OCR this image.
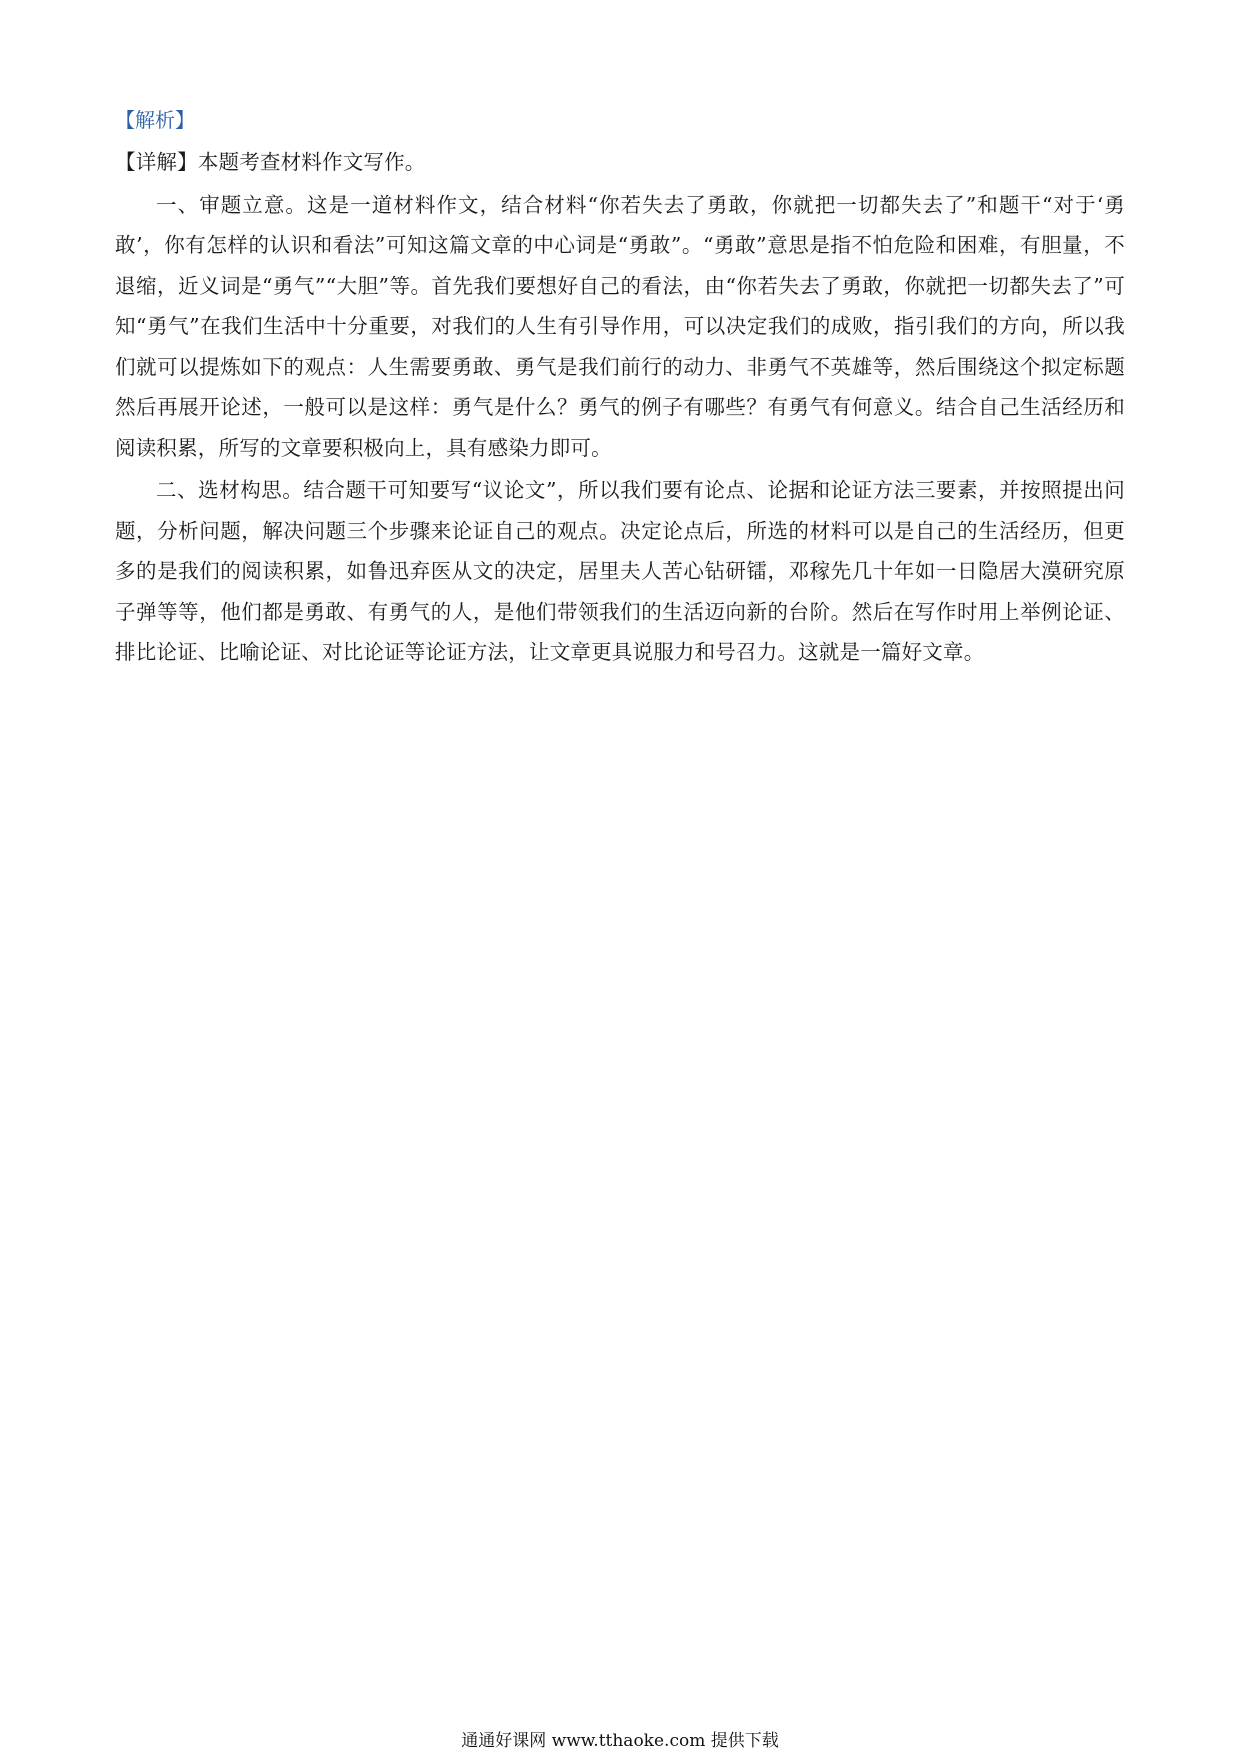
【解析】

【详解】本题考查材料作文写作。

一、审题立意。这是一道材料作文，结合材料“你若失去了勇敢，你就把一切都失去了”和题干“对于‘勇敢’，你有怎样的认识和看法”可知这篇文章的中心词是“勇敢”。“勇敢”意思是指不怕危险和困难，有胆量，不退缩，近义词是“勇气”“大胆”等。首先我们要想好自己的看法，由“你若失去了勇敢，你就把一切都失去了”可知“勇气”在我们生活中十分重要，对我们的人生有引导作用，可以决定我们的成败，指引我们的方向，所以我们就可以提炼如下的观点：人生需要勇敢、勇气是我们前行的动力、非勇气不英雄等，然后围绕这个拟定标题然后再展开论述，一般可以是这样：勇气是什么？勇气的例子有哪些？有勇气有何意义。结合自己生活经历和阅读积累，所写的文章要积极向上，具有感染力即可。

二、选材构思。结合题干可知要写“议论文”，所以我们要有论点、论据和论证方法三要素，并按照提出问题，分析问题，解决问题三个步骤来论证自己的观点。决定论点后，所选的材料可以是自己的生活经历，但更多的是我们的阅读积累，如鲁迅弃医从文的决定，居里夫人苦心钻研镭，邓稼先几十年如一日隐居大漠研究原子弹等等，他们都是勇敢、有勇气的人，是他们带领我们的生活迈向新的台阶。然后在写作时用上举例论证、排比论证、比喻论证、对比论证等论证方法，让文章更具说服力和号召力。这就是一篇好文章。

通通好课网 www.tthaoke.com 提供下载
